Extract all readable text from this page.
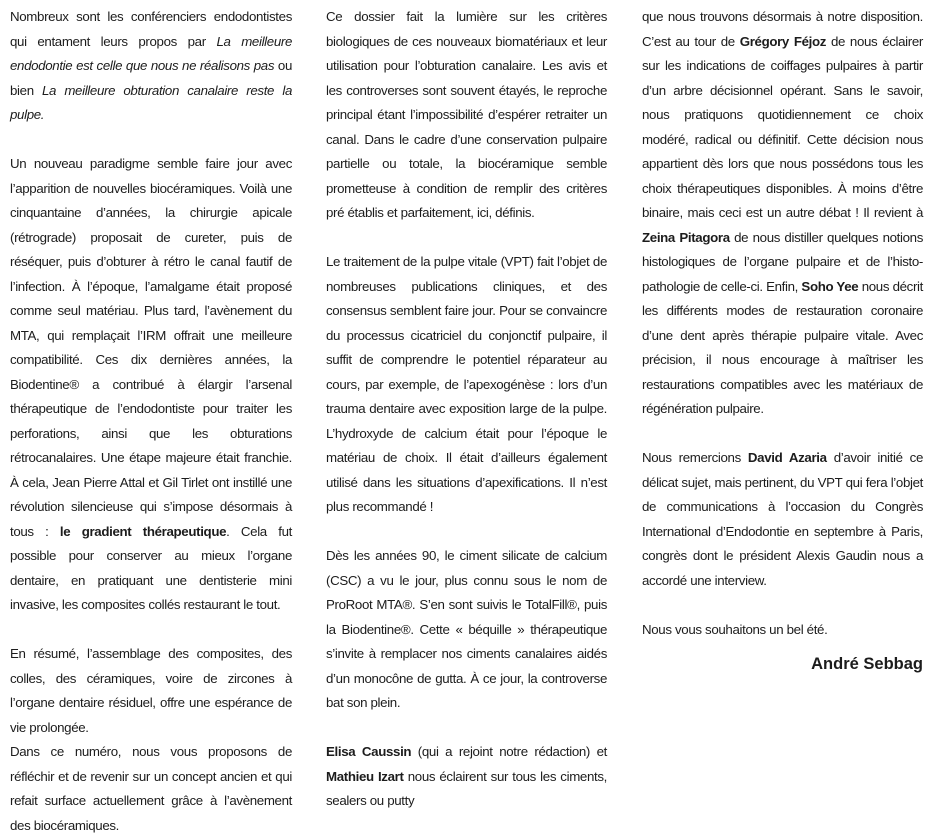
Nombreux sont les conférenciers endodontistes qui entament leurs propos par La meilleure endodontie est celle que nous ne réalisons pas ou bien La meilleure obturation canalaire reste la pulpe.

Un nouveau paradigme semble faire jour avec l’apparition de nouvelles biocéramiques. Voilà une cinquantaine d’années, la chirurgie apicale (rétrograde) proposait de cureter, puis de réséquer, puis d’obturer à rétro le canal fautif de l’infection. À l’époque, l’amalgame était proposé comme seul matériau. Plus tard, l’avènement du MTA, qui remplaçait l’IRM offrait une meilleure compatibilité. Ces dix dernières années, la Biodentine® a contribué à élargir l’arsenal thérapeutique de l’endodontiste pour traiter les perforations, ainsi que les obturations rétrocanalaires. Une étape majeure était franchie. À cela, Jean Pierre Attal et Gil Tirlet ont instillé une révolution silencieuse qui s’impose désormais à tous : le gradient thérapeutique. Cela fut possible pour conserver au mieux l’organe dentaire, en pratiquant une dentisterie mini invasive, les composites collés restaurant le tout.

En résumé, l’assemblage des composites, des colles, des céramiques, voire de zircones à l’organe dentaire résiduel, offre une espérance de vie prolongée.

Dans ce numéro, nous vous proposons de réfléchir et de revenir sur un concept ancien et qui refait surface actuellement grâce à l’avènement des biocéramiques.

Ce dossier fait la lumière sur les critères biologiques de ces nouveaux biomatériaux et leur utilisation pour l’obturation canalaire. Les avis et les controverses sont souvent étayés, le reproche principal étant l’impossibilité d’espérer retraiter un canal. Dans le cadre d’une conservation pulpaire partielle ou totale, la biocéramique semble prometteuse à condition de remplir des critères pré établis et parfaitement, ici, définis.

Le traitement de la pulpe vitale (VPT) fait l’objet de nombreuses publications cliniques, et des consensus semblent faire jour. Pour se convaincre du processus cicatriciel du conjonctif pulpaire, il suffit de comprendre le potentiel réparateur au cours, par exemple, de l’apexogénèse : lors d’un trauma dentaire avec exposition large de la pulpe. L’hydroxyde de calcium était pour l’époque le matériau de choix. Il était d’ailleurs également utilisé dans les situations d’apexifications. Il n’est plus recommandé !

Dès les années 90, le ciment silicate de calcium (CSC) a vu le jour, plus connu sous le nom de ProRoot MTA®. S’en sont suivis le TotalFill®, puis la Biodentine®. Cette « béquille » thérapeutique s’invite à remplacer nos ciments canalaires aidés d’un monocône de gutta. À ce jour, la controverse bat son plein.

Elisa Caussin (qui a rejoint notre rédaction) et Mathieu Izart nous éclairent sur tous les ciments, sealers ou putty

que nous trouvons désormais à notre disposition. C’est au tour de Grégory Féjoz de nous éclairer sur les indications de coiffages pulpaires à partir d’un arbre décisionnel opérant. Sans le savoir, nous pratiquons quotidiennement ce choix modéré, radical ou définitif. Cette décision nous appartient dès lors que nous possédons tous les choix thérapeutiques disponibles. À moins d’être binaire, mais ceci est un autre débat ! Il revient à Zeina Pitagora de nous distiller quelques notions histologiques de l’organe pulpaire et de l’histo-pathologie de celle-ci. Enfin, Soho Yee nous décrit les différents modes de restauration coronaire d’une dent après thérapie pulpaire vitale. Avec précision, il nous encourage à maîtriser les restaurations compatibles avec les matériaux de régénération pulpaire.

Nous remercions David Azaria d’avoir initié ce délicat sujet, mais pertinent, du VPT qui fera l’objet de communications à l’occasion du Congrès International d’Endodontie en septembre à Paris, congrès dont le président Alexis Gaudin nous a accordé une interview.

Nous vous souhaitons un bel été.

André Sebbag
